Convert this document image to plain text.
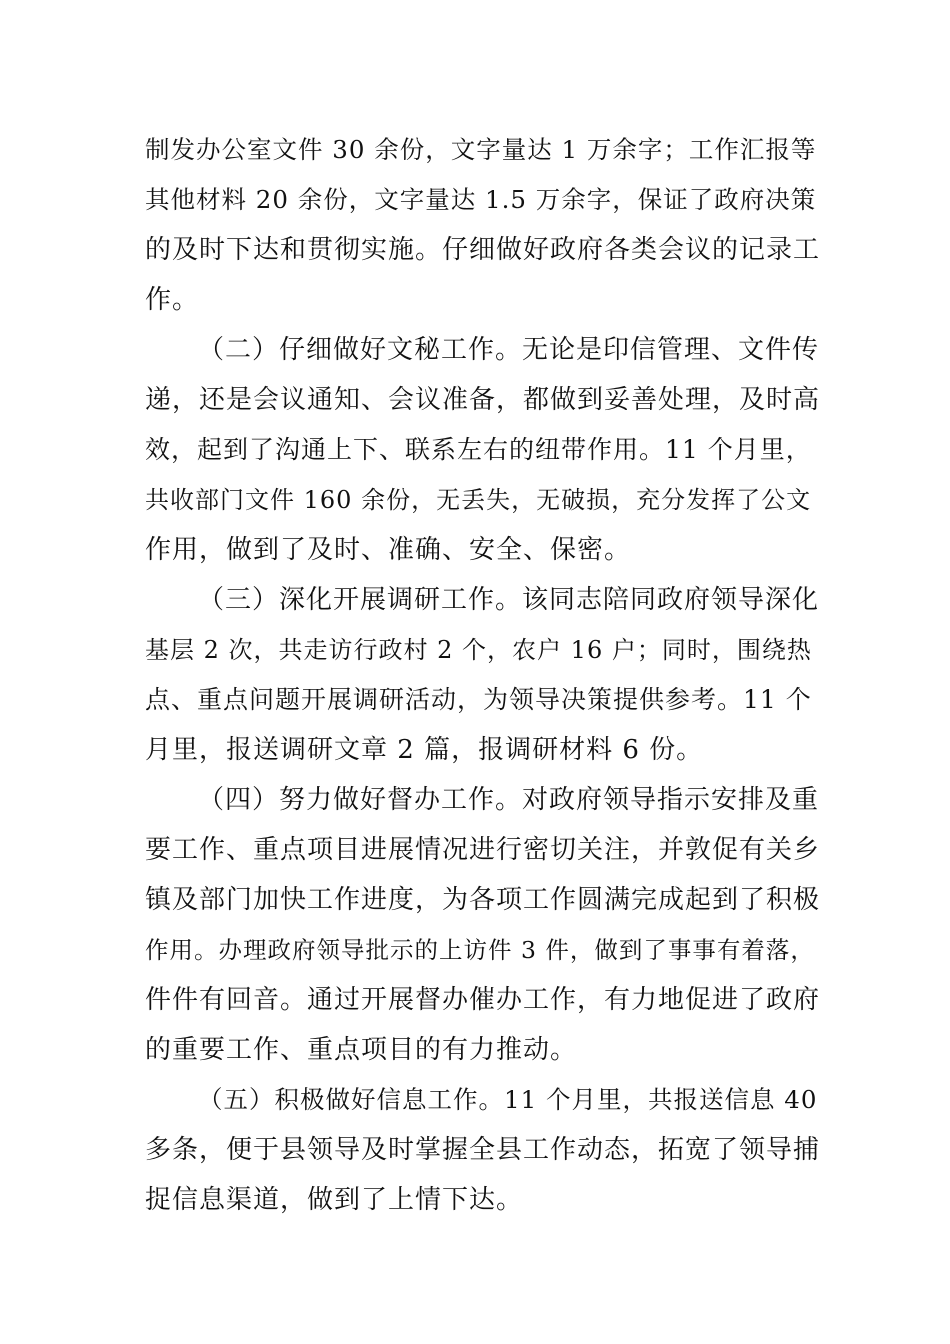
制发办公室文件 30 余份，文字量达 1 万余字；工作汇报等
其他材料 20 余份，文字量达 1.5 万余字，保证了政府决策
的及时下达和贯彻实施。仔细做好政府各类会议的记录工
作。
（二）仔细做好文秘工作。无论是印信管理、文件传
递，还是会议通知、会议准备，都做到妥善处理，及时高
效，起到了沟通上下、联系左右的纽带作用。11 个月里，
共收部门文件 160 余份，无丢失，无破损，充分发挥了公文
作用，做到了及时、准确、安全、保密。
（三）深化开展调研工作。该同志陪同政府领导深化
基层 2 次，共走访行政村 2 个，农户 16 户；同时，围绕热
点、重点问题开展调研活动，为领导决策提供参考。11 个
月里，报送调研文章 2 篇，报调研材料 6 份。
（四）努力做好督办工作。对政府领导指示安排及重
要工作、重点项目进展情况进行密切关注，并敦促有关乡
镇及部门加快工作进度，为各项工作圆满完成起到了积极
作用。办理政府领导批示的上访件 3 件，做到了事事有着落，
件件有回音。通过开展督办催办工作，有力地促进了政府
的重要工作、重点项目的有力推动。
（五）积极做好信息工作。11 个月里，共报送信息 40
多条，便于县领导及时掌握全县工作动态，拓宽了领导捕
捉信息渠道，做到了上情下达。
